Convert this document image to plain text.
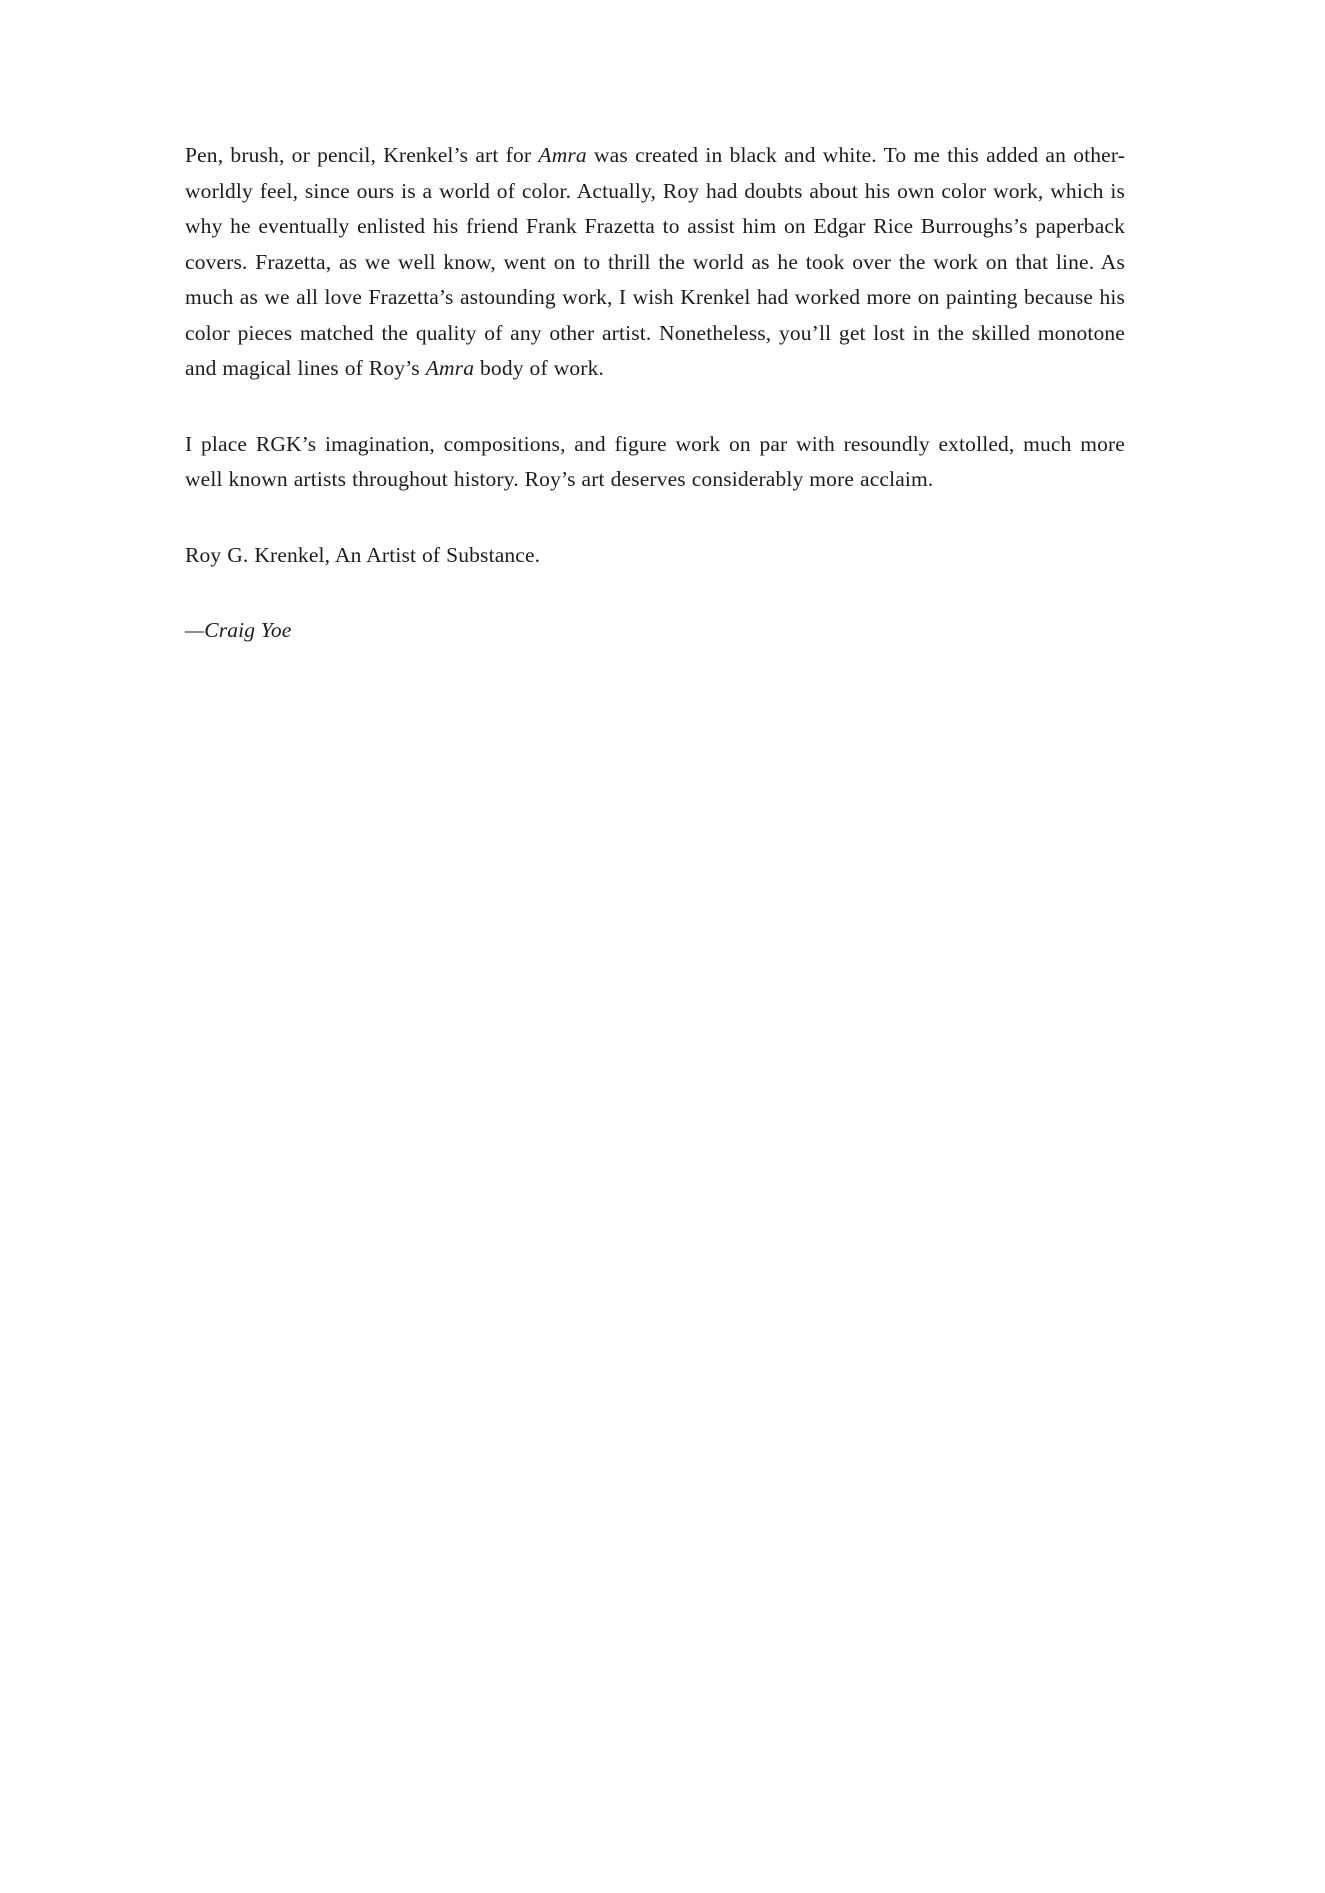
Pen, brush, or pencil, Krenkel’s art for Amra was created in black and white. To me this added an other-worldly feel, since ours is a world of color. Actually, Roy had doubts about his own color work, which is why he eventually enlisted his friend Frank Frazetta to assist him on Edgar Rice Burroughs’s paperback covers. Frazetta, as we well know, went on to thrill the world as he took over the work on that line. As much as we all love Frazetta’s astounding work, I wish Krenkel had worked more on painting because his color pieces matched the quality of any other artist. Nonetheless, you’ll get lost in the skilled monotone and magical lines of Roy’s Amra body of work.

I place RGK’s imagination, compositions, and figure work on par with resoundly extolled, much more well known artists throughout history. Roy’s art deserves considerably more acclaim.

Roy G. Krenkel, An Artist of Substance.

—Craig Yoe
